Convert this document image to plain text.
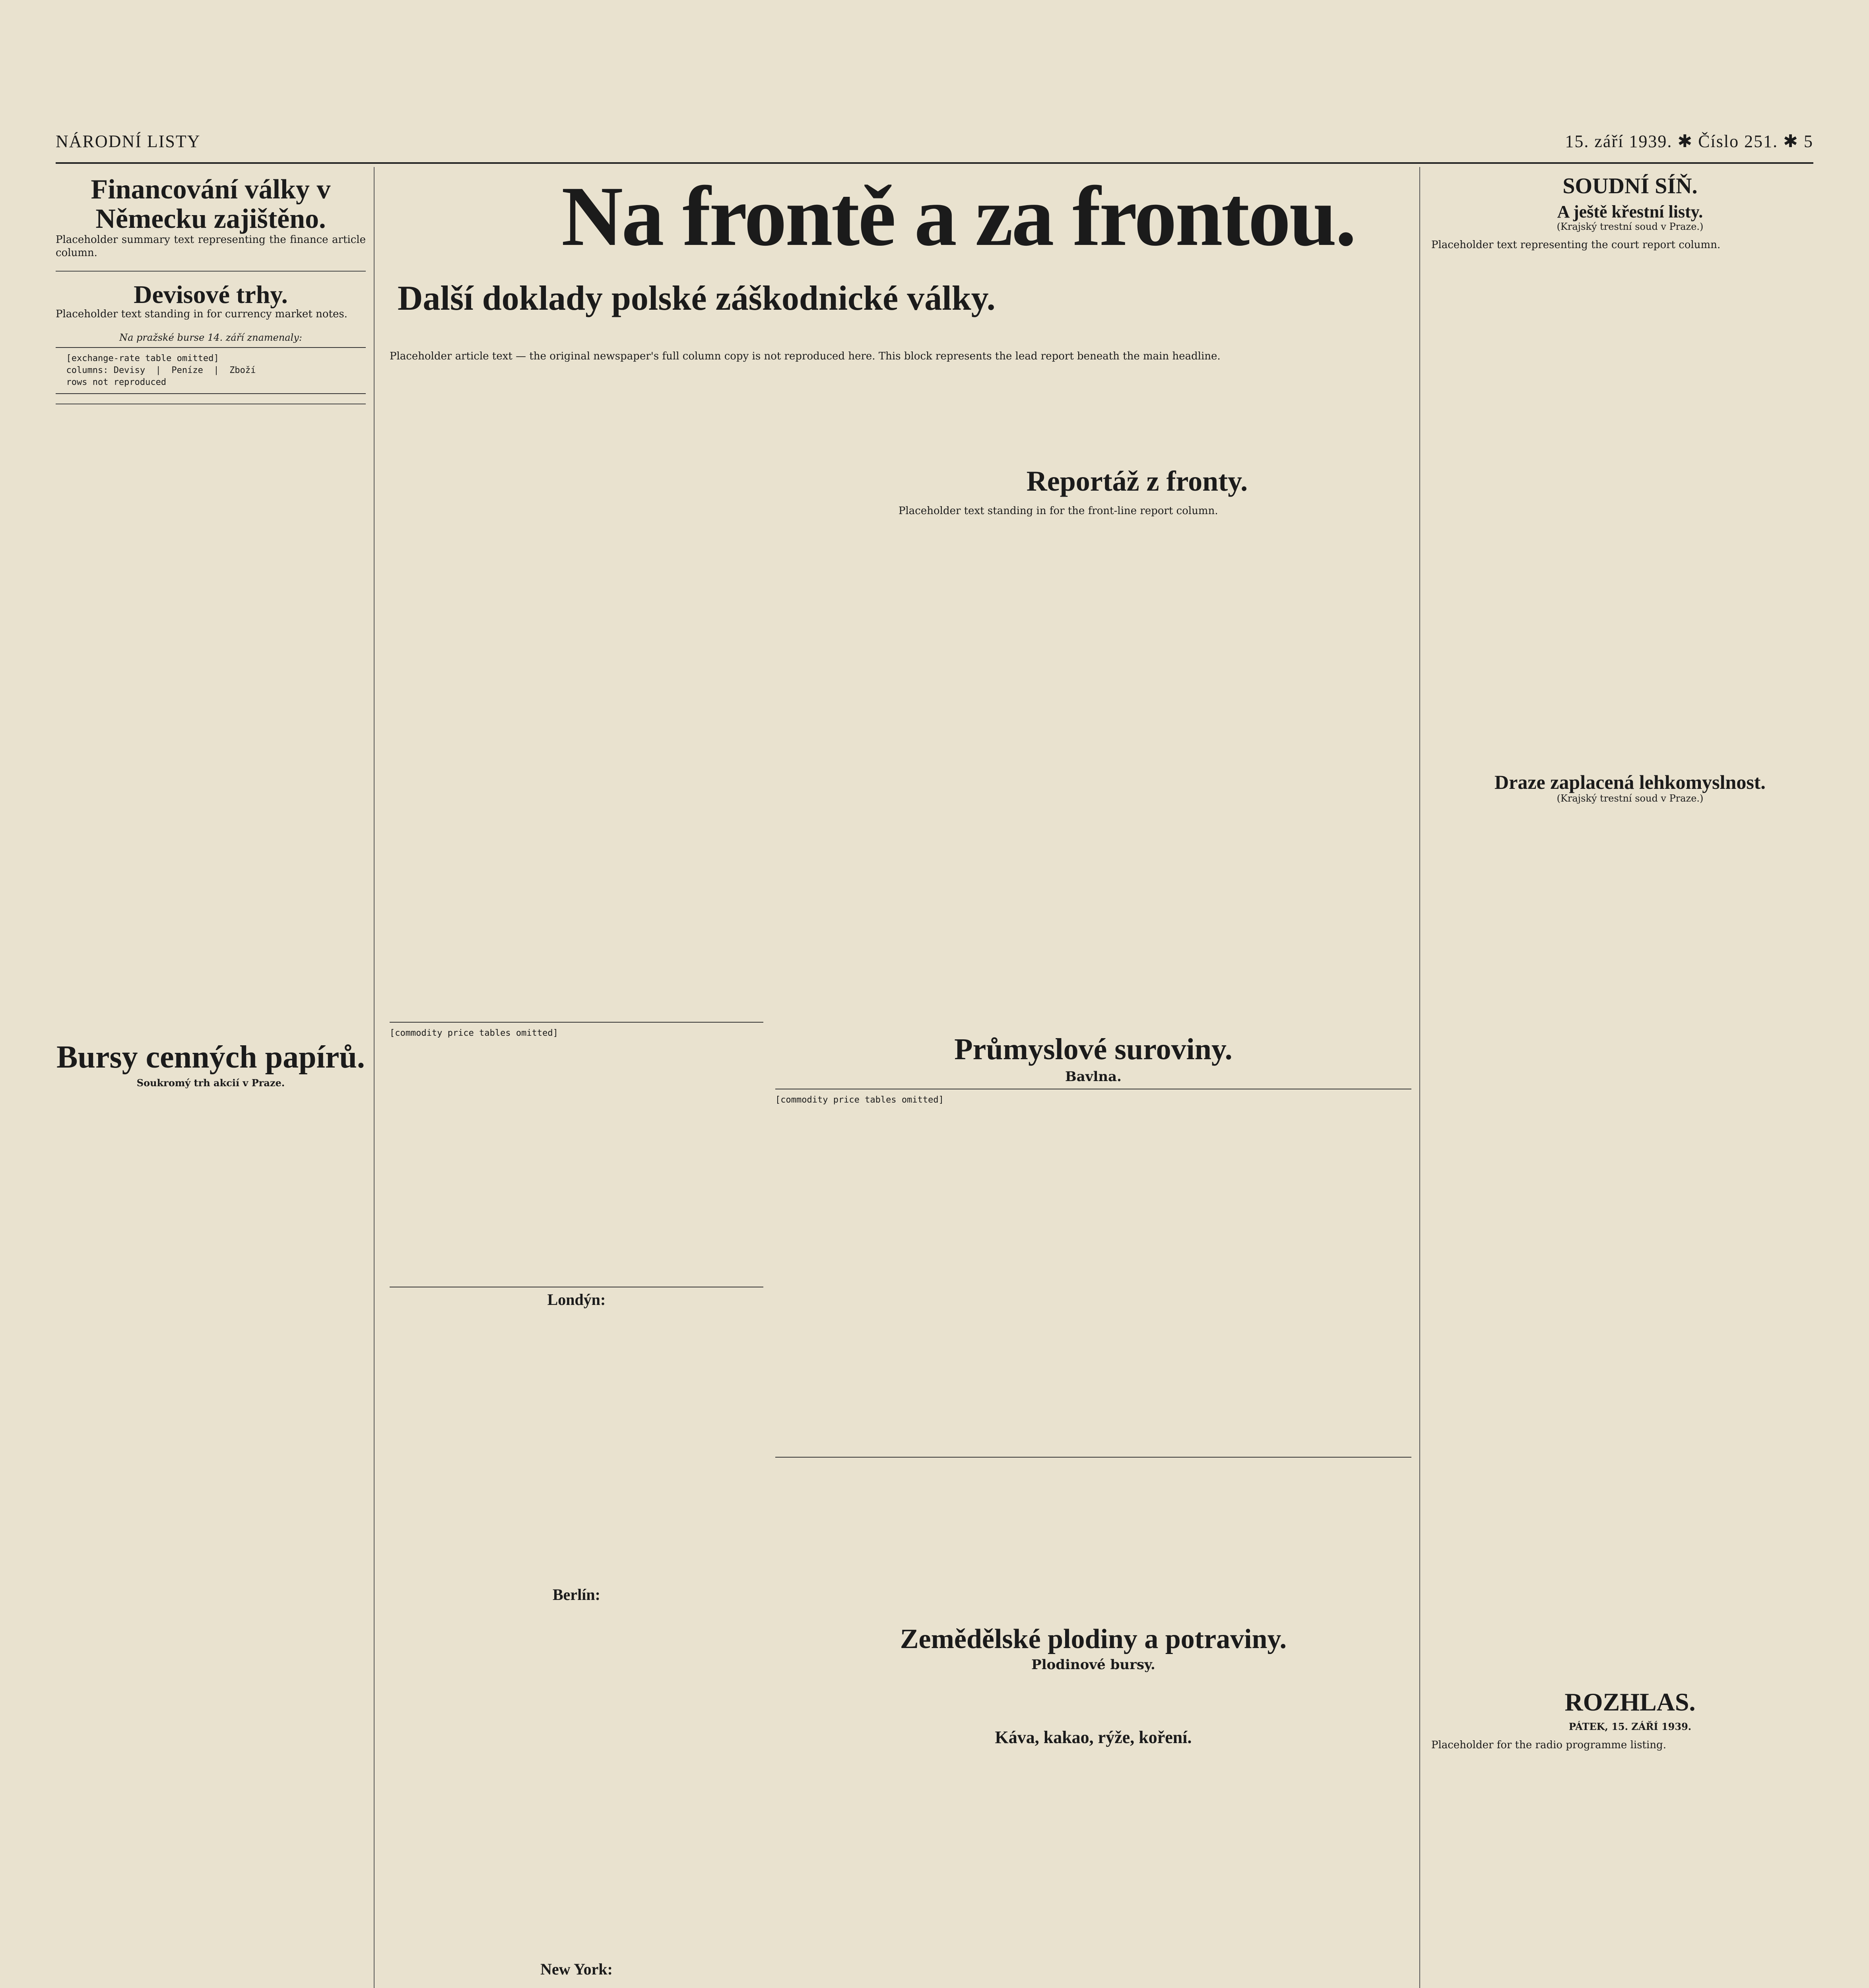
NÁRODNÍ LISTY	15. září 1939. ✱ Číslo 251. ✱ 5
Financování války v Německu zajištěno.

Placeholder summary text representing the finance article column.

Devisové trhy.

Placeholder text standing in for currency market notes.

Na pražské burse 14. září znamenaly:
[exchange-rate table omitted]
columns: Devisy  |  Peníze  |  Zboží
rows not reproduced
Bursy cenných papírů.
Soukromý trh akcií v Praze.
Na frontě a za frontou.
Další doklady polské záškodnické války.

Placeholder article text — the original newspaper's full column copy is not reproduced here. This block represents the lead report beneath the main headline.

Reportáž z fronty.

Placeholder text standing in for the front-line report column.

[commodity price tables omitted]
Londýn:
Berlín:
New York:
Průmyslové suroviny.
Bavlna.
[commodity price tables omitted]
Zemědělské plodiny a potraviny.
Plodinové bursy.
Kávа, kakao, rýže, koření.
SOUDNÍ SÍŇ.
A ještě křestní listy.
(Krajský trestní soud v Praze.)

Placeholder text representing the court report column.

Draze zaplacená lehkomyslnost.
(Krajský trestní soud v Praze.)
ROZHLAS.
PÁTEK, 15. ZÁŘÍ 1939.

Placeholder for the radio programme listing.
